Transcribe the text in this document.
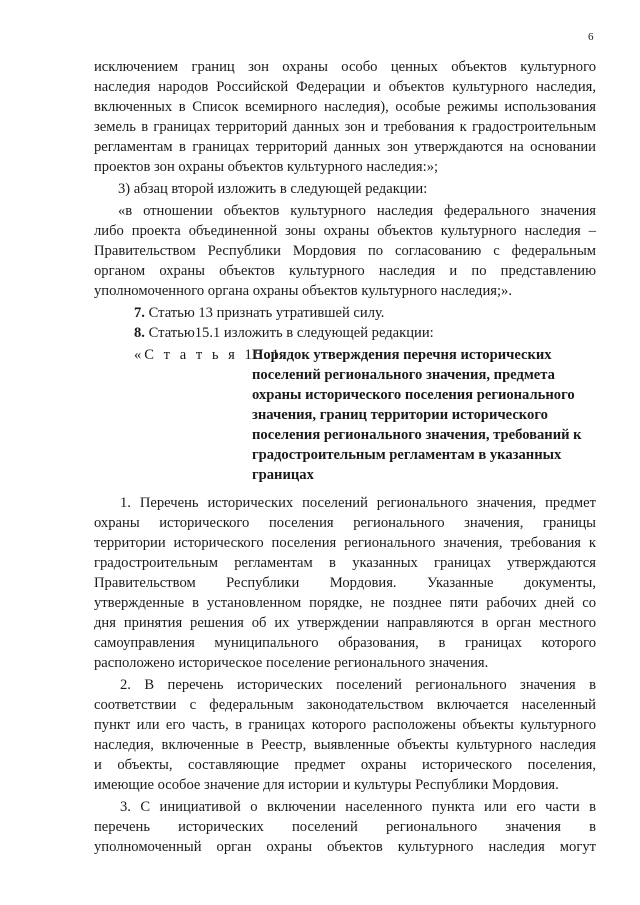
6
исключением границ зон охраны особо ценных объектов культурного
наследия народов Российской Федерации и объектов культурного наследия,
включенных в Список всемирного наследия), особые режимы использования
земель в границах территорий данных зон и требования к градостроительным
регламентам в границах территорий данных зон утверждаются на основании
проектов зон охраны объектов культурного наследия:»;
3) абзац второй изложить в следующей редакции:
«в отношении объектов культурного наследия федерального значения
либо проекта объединенной зоны охраны объектов культурного наследия –
Правительством Республики Мордовия по согласованию с федеральным
органом охраны объектов культурного наследия и по представлению
уполномоченного органа охраны объектов культурного наследия;».
7. Статью 13 признать утратившей силу.
8. Статью15.1 изложить в следующей редакции:
«С т а т ь я 15.1.
Порядок утверждения перечня исторических
поселений регионального значения, предмета
охраны исторического поселения регионального
значения, границ территории исторического
поселения регионального значения, требований к
градостроительным регламентам в указанных
границах
1. Перечень исторических поселений регионального значения, предмет
охраны исторического поселения регионального значения, границы
территории исторического поселения регионального значения, требования к
градостроительным регламентам в указанных границах утверждаются
Правительством Республики Мордовия. Указанные документы,
утвержденные в установленном порядке, не позднее пяти рабочих дней со
дня принятия решения об их утверждении направляются в орган местного
самоуправления муниципального образования, в границах которого
расположено историческое поселение регионального значения.
2. В перечень исторических поселений регионального значения в
соответствии с федеральным законодательством включается населенный
пункт или его часть, в границах которого расположены объекты культурного
наследия, включенные в Реестр, выявленные объекты культурного наследия
и объекты, составляющие предмет охраны исторического поселения,
имеющие особое значение для истории и культуры Республики Мордовия.
3. С инициативой о включении населенного пункта или его части в
перечень исторических поселений регионального значения в
уполномоченный орган охраны объектов культурного наследия могут
